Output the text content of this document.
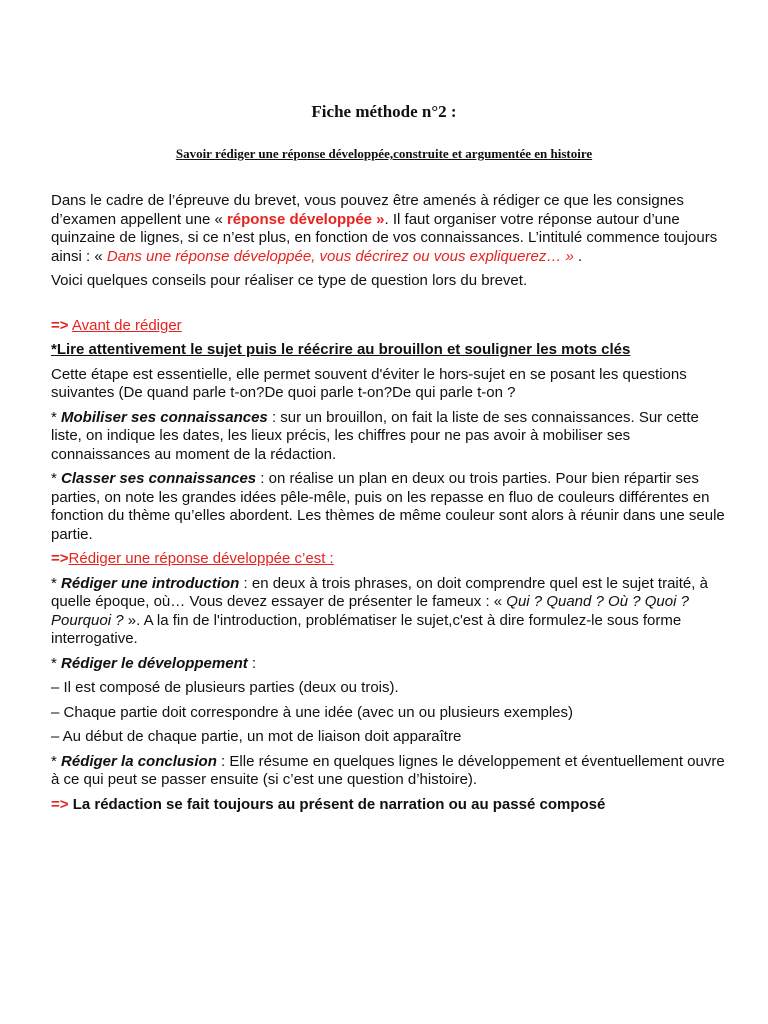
Fiche méthode n°2 :
Savoir rédiger une réponse développée,construite et argumentée en histoire

Dans le cadre de l’épreuve du brevet, vous pouvez être amenés à rédiger ce que les consignes d’examen appellent une « réponse développée ». Il faut organiser votre réponse autour d’une quinzaine de lignes, si ce n’est plus, en fonction de vos connaissances. L’intitulé commence toujours ainsi : « Dans une réponse développée, vous décrirez ou vous expliquerez… » .

Voici quelques conseils pour réaliser ce type de question lors du brevet.

=> Avant de rédiger

*Lire attentivement le sujet puis le réécrire au brouillon et souligner les mots clés

Cette étape est essentielle, elle permet souvent d'éviter le hors-sujet en se posant les questions suivantes (De quand parle t-on?De quoi parle t-on?De qui parle t-on ?

* Mobiliser ses connaissances : sur un brouillon, on fait la liste de ses connaissances. Sur cette liste, on indique les dates, les lieux précis, les chiffres pour ne pas avoir à mobiliser ses connaissances au moment de la rédaction.

* Classer ses connaissances : on réalise un plan en deux ou trois parties. Pour bien répartir ses parties, on note les grandes idées pêle-mêle, puis on les repasse en fluo de couleurs différentes en fonction du thème qu’elles abordent. Les thèmes de même couleur sont alors à réunir dans une seule partie.

=>Rédiger une réponse développée c’est :

* Rédiger une introduction : en deux à trois phrases, on doit comprendre quel est le sujet traité, à quelle époque, où… Vous devez essayer de présenter le fameux : « Qui ? Quand ? Où ? Quoi ? Pourquoi ? ». A la fin de l'introduction, problématiser le sujet,c'est à dire formulez-le sous forme interrogative.

* Rédiger le développement :

– Il est composé de plusieurs parties (deux ou trois).

– Chaque partie doit correspondre à une idée (avec un ou plusieurs exemples)

– Au début de chaque partie, un mot de liaison doit apparaître

* Rédiger la conclusion : Elle résume en quelques lignes le développement et éventuellement ouvre à ce qui peut se passer ensuite (si c’est une question d’histoire).

=> La rédaction se fait toujours au présent de narration ou au passé composé
